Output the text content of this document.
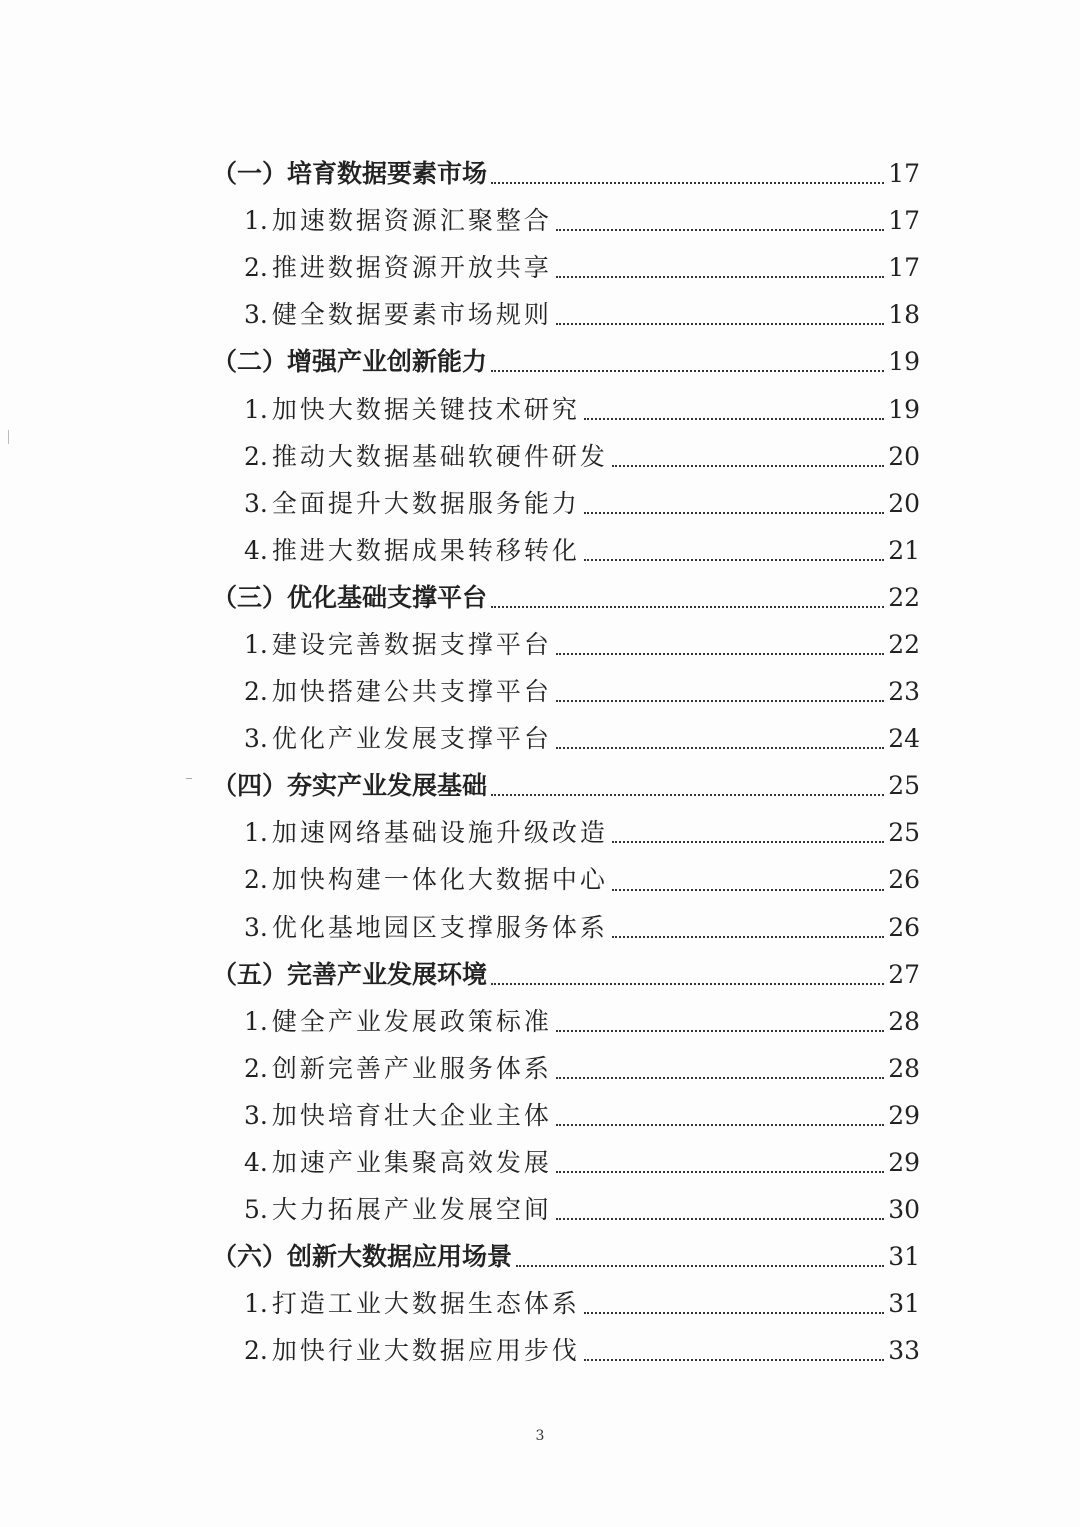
（一）培育数据要素市场	17
1. 加速数据资源汇聚整合	17
2. 推进数据资源开放共享	17
3. 健全数据要素市场规则	18
（二）增强产业创新能力	19
1. 加快大数据关键技术研究	19
2. 推动大数据基础软硬件研发	20
3. 全面提升大数据服务能力	20
4. 推进大数据成果转移转化	21
（三）优化基础支撑平台	22
1. 建设完善数据支撑平台	22
2. 加快搭建公共支撑平台	23
3. 优化产业发展支撑平台	24
（四）夯实产业发展基础	25
1. 加速网络基础设施升级改造	25
2. 加快构建一体化大数据中心	26
3. 优化基地园区支撑服务体系	26
（五）完善产业发展环境	27
1. 健全产业发展政策标准	28
2. 创新完善产业服务体系	28
3. 加快培育壮大企业主体	29
4. 加速产业集聚高效发展	29
5. 大力拓展产业发展空间	30
（六）创新大数据应用场景	31
1. 打造工业大数据生态体系	31
2. 加快行业大数据应用步伐	33
3
